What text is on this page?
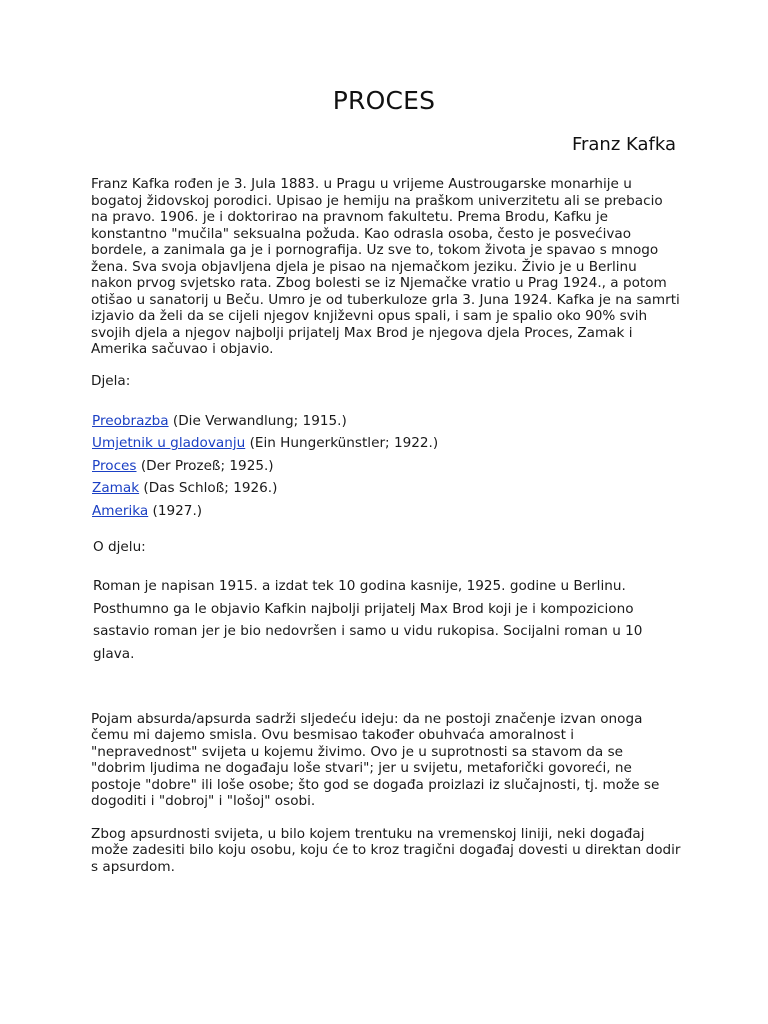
PROCES
Franz Kafka

Franz Kafka rođen je 3. Jula 1883. u Pragu u vrijeme Austrougarske monarhije u bogatoj židovskoj porodici. Upisao je hemiju na praškom univerzitetu ali se prebacio na pravo. 1906. je i doktorirao na pravnom fakultetu. Prema Brodu, Kafku je konstantno "mučila" seksualna požuda. Kao odrasla osoba, često je posvećivao bordele, a zanimala ga je i pornografija. Uz sve to, tokom života je spavao s mnogo žena. Sva svoja objavljena djela je pisao na njemačkom jeziku. Živio je u Berlinu nakon prvog svjetsko rata. Zbog bolesti se iz Njemačke vratio u Prag 1924., a potom otišao u sanatorij u Beču. Umro je od tuberkuloze grla 3. Juna 1924. Kafka je na samrti izjavio da želi da se cijeli njegov književni opus spali, i sam je spalio oko 90% svih svojih djela a njegov najbolji prijatelj Max Brod je njegova djela Proces, Zamak i Amerika sačuvao i objavio.

Djela:

Preobrazba (Die Verwandlung; 1915.)
Umjetnik u gladovanju (Ein Hungerkünstler; 1922.)
Proces (Der Prozeß; 1925.)
Zamak (Das Schloß; 1926.)
Amerika (1927.)

O djelu:

Roman je napisan 1915. a izdat tek 10 godina kasnije, 1925. godine u Berlinu. Posthumno ga le objavio Kafkin najbolji prijatelj Max Brod koji je i kompoziciono sastavio roman jer je bio nedovršen i samo u vidu rukopisa. Socijalni roman u 10 glava.

Pojam absurda/apsurda sadrži sljedeću ideju: da ne postoji značenje izvan onoga čemu mi dajemo smisla. Ovu besmisao također obuhvaća amoralnost i "nepravednost" svijeta u kojemu živimo. Ovo je u suprotnosti sa stavom da se "dobrim ljudima ne događaju loše stvari"; jer u svijetu, metaforički govoreći, ne postoje "dobre" ili loše osobe; što god se događa proizlazi iz slučajnosti, tj. može se dogoditi i "dobroj" i "lošoj" osobi.

Zbog apsurdnosti svijeta, u bilo kojem trentuku na vremenskoj liniji, neki događaj može zadesiti bilo koju osobu, koju će to kroz tragični događaj dovesti u direktan dodir s apsurdom.
